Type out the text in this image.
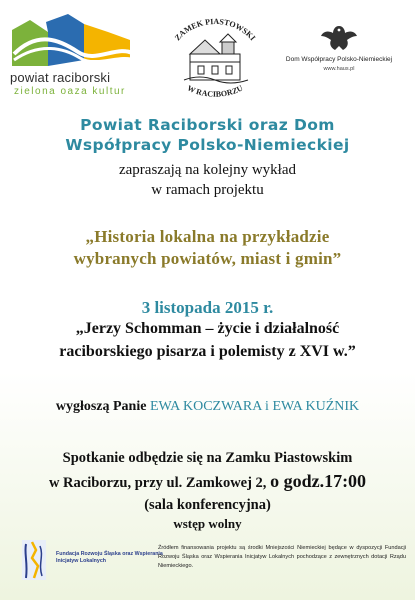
powiat raciborski
zielona oaza kultur
ZAMEK PIASTOWSKI
W RACIBORZU
Dom Współpracy Polsko-Niemieckiej
www.haus.pl
Powiat Raciborski oraz Dom
Współpracy Polsko-Niemieckiej
zapraszają na kolejny wykład
w ramach projektu
„Historia lokalna na przykładzie
wybranych powiatów, miast i gmin”
3 listopada 2015 r.
„Jerzy Schomman – życie i działalność
raciborskiego pisarza i polemisty z XVI w.”
wygłoszą Panie EWA KOCZWARA i EWA KUŹNIK
Spotkanie odbędzie się na Zamku Piastowskim
w Raciborzu, przy ul. Zamkowej 2, o godz.17:00
(sala konferencyjna)
wstęp wolny
Fundacja Rozwoju Śląska oraz Wspierania Inicjatyw Lokalnych
Źródłem finansowania projektu są środki Mniejszości Niemieckiej będące w dyspozycji Fundacji Rozwoju Śląska oraz Wspierania Inicjatyw Lokalnych pochodzące z zewnętrznych dotacji Rządu Niemieckiego.
